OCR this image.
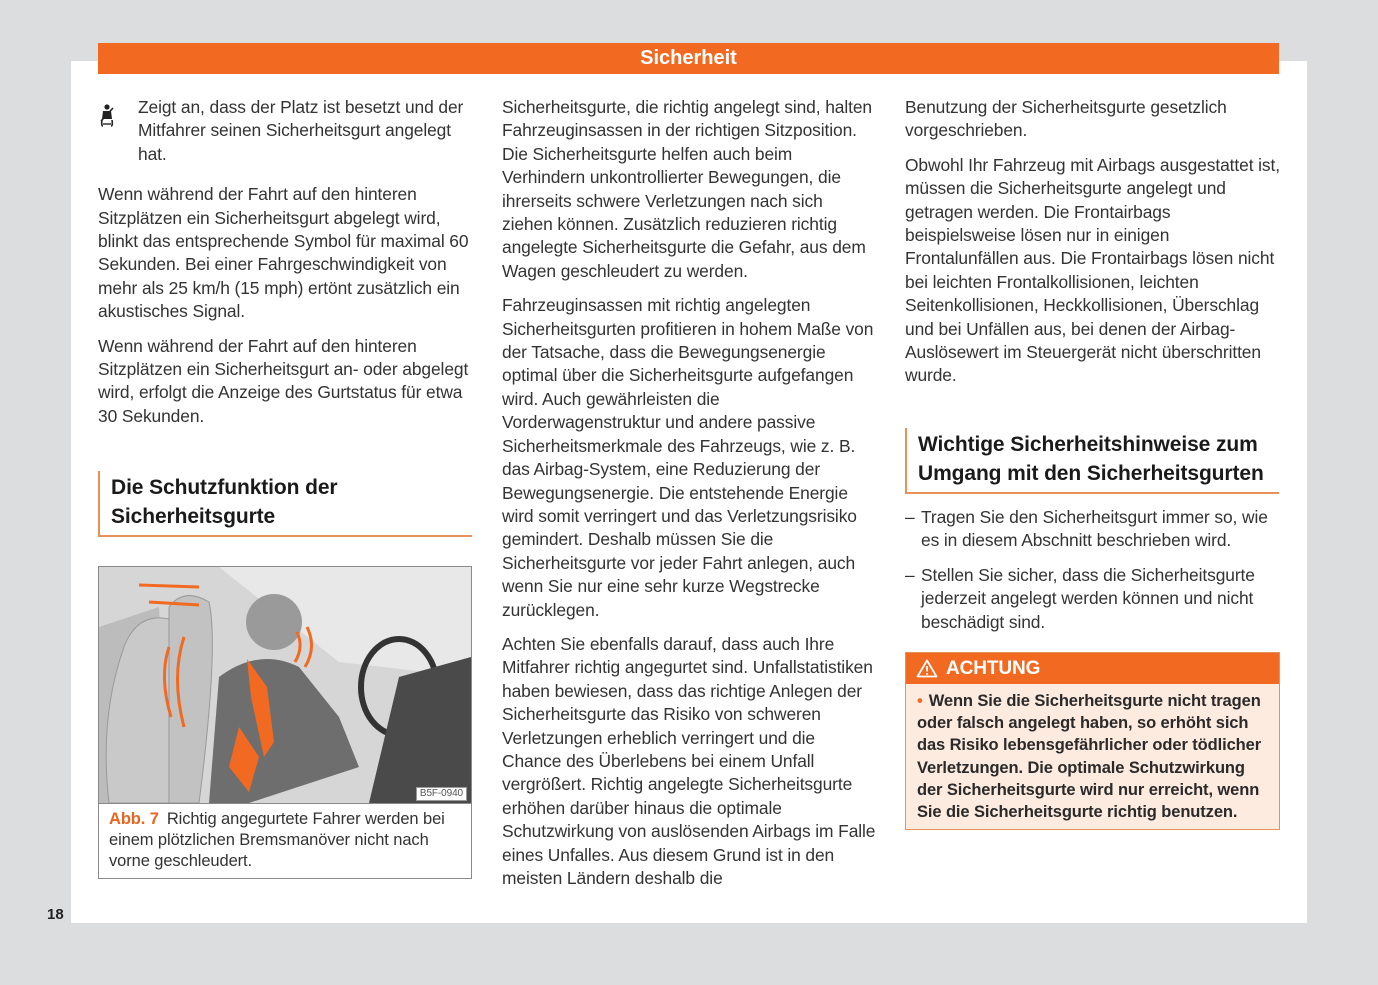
Sicherheit
Zeigt an, dass der Platz ist besetzt und der Mitfahrer seinen Sicherheitsgurt angelegt hat.

Wenn während der Fahrt auf den hinteren Sitzplätzen ein Sicherheitsgurt abgelegt wird, blinkt das entsprechende Symbol für maximal 60 Sekunden. Bei einer Fahrgeschwindigkeit von mehr als 25 km/h (15 mph) ertönt zusätzlich ein akustisches Signal.

Wenn während der Fahrt auf den hinteren Sitzplätzen ein Sicherheitsgurt an- oder abgelegt wird, erfolgt die Anzeige des Gurtstatus für etwa 30 Sekunden.

Die Schutzfunktion der Sicherheitsgurte
B5F-0940
Abb. 7 Richtig angegurtete Fahrer werden bei einem plötzlichen Bremsmanöver nicht nach vorne geschleudert.

Sicherheitsgurte, die richtig angelegt sind, halten Fahrzeuginsassen in der richtigen Sitzposition. Die Sicherheitsgurte helfen auch beim Verhindern unkontrollierter Bewegungen, die ihrerseits schwere Verletzungen nach sich ziehen können. Zusätzlich reduzieren richtig angelegte Sicherheitsgurte die Gefahr, aus dem Wagen geschleudert zu werden.

Fahrzeuginsassen mit richtig angelegten Sicherheitsgurten profitieren in hohem Maße von der Tatsache, dass die Bewegungsenergie optimal über die Sicherheitsgurte aufgefangen wird. Auch gewährleisten die Vorderwagenstruktur und andere passive Sicherheitsmerkmale des Fahrzeugs, wie z. B. das Airbag-System, eine Reduzierung der Bewegungsenergie. Die entstehende Energie wird somit verringert und das Verletzungsrisiko gemindert. Deshalb müssen Sie die Sicherheitsgurte vor jeder Fahrt anlegen, auch wenn Sie nur eine sehr kurze Wegstrecke zurücklegen.

Achten Sie ebenfalls darauf, dass auch Ihre Mitfahrer richtig angegurtet sind. Unfallstatistiken haben bewiesen, dass das richtige Anlegen der Sicherheitsgurte das Risiko von schweren Verletzungen erheblich verringert und die Chance des Überlebens bei einem Unfall vergrößert. Richtig angelegte Sicherheitsgurte erhöhen darüber hinaus die optimale Schutzwirkung von auslösenden Airbags im Falle eines Unfalles. Aus diesem Grund ist in den meisten Ländern deshalb die

Benutzung der Sicherheitsgurte gesetzlich vorgeschrieben.

Obwohl Ihr Fahrzeug mit Airbags ausgestattet ist, müssen die Sicherheitsgurte angelegt und getragen werden. Die Frontairbags beispielsweise lösen nur in einigen Frontalunfällen aus. Die Frontairbags lösen nicht bei leichten Frontalkollisionen, leichten Seitenkollisionen, Heckkollisionen, Überschlag und bei Unfällen aus, bei denen der Airbag-Auslösewert im Steuergerät nicht überschritten wurde.

Wichtige Sicherheitshinweise zum Umgang mit den Sicherheitsgurten
– Tragen Sie den Sicherheitsgurt immer so, wie es in diesem Abschnitt beschrieben wird.
– Stellen Sie sicher, dass die Sicherheitsgurte jederzeit angelegt werden können und nicht beschädigt sind.
ACHTUNG
• Wenn Sie die Sicherheitsgurte nicht tragen oder falsch angelegt haben, so erhöht sich das Risiko lebensgefährlicher oder tödlicher Verletzungen. Die optimale Schutzwirkung der Sicherheitsgurte wird nur erreicht, wenn Sie die Sicherheitsgurte richtig benutzen.
18
